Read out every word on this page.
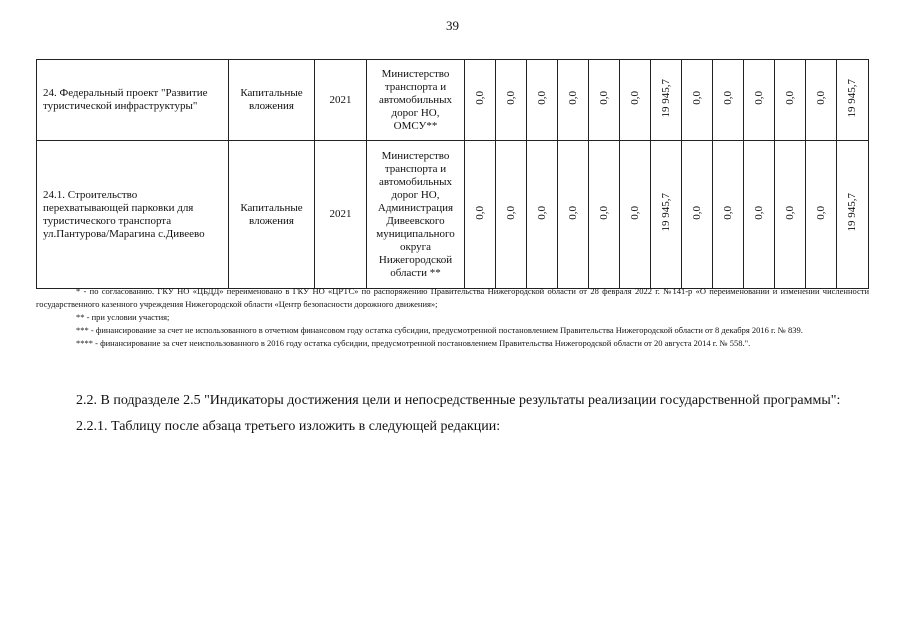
39
24. Федеральный проект "Развитие туристической инфраструктуры"	Капитальные вложения	2021	Министерство транспорта и автомобильных дорог НО, ОМСУ**	0,0	0,0	0,0	0,0	0,0	0,0	19 945,7	0,0	0,0	0,0	0,0	0,0	19 945,7
24.1. Строительство перехватывающей парковки для туристического транспорта ул.Пантурова/Марагина с.Дивеево	Капитальные вложения	2021	Министерство транспорта и автомобильных дорог НО, Администрация Дивеевского муниципального округа Нижегородской области **	0,0	0,0	0,0	0,0	0,0	0,0	19 945,7	0,0	0,0	0,0	0,0	0,0	19 945,7

* - по согласованию. ГКУ НО «ЦБДД» переименовано в ГКУ НО «ЦРТС» по распоряжению Правительства Нижегородской области от 28 февраля 2022 г. №141-р «О переименовании и изменении численности государственного казенного учреждения Нижегородской области «Центр безопасности дорожного движения»;

** - при условии участия;

*** - финансирование за счет не использованного в отчетном финансовом году остатка субсидии, предусмотренной постановлением Правительства Нижегородской области от 8 декабря 2016 г. № 839.

**** - финансирование за счет неиспользованного в 2016 году остатка субсидии, предусмотренной постановлением Правительства Нижегородской области от 20 августа 2014 г. № 558.".

2.2. В подразделе 2.5 "Индикаторы достижения цели и непосредственные результаты реализации государственной программы":

2.2.1. Таблицу после абзаца третьего изложить в следующей редакции:
